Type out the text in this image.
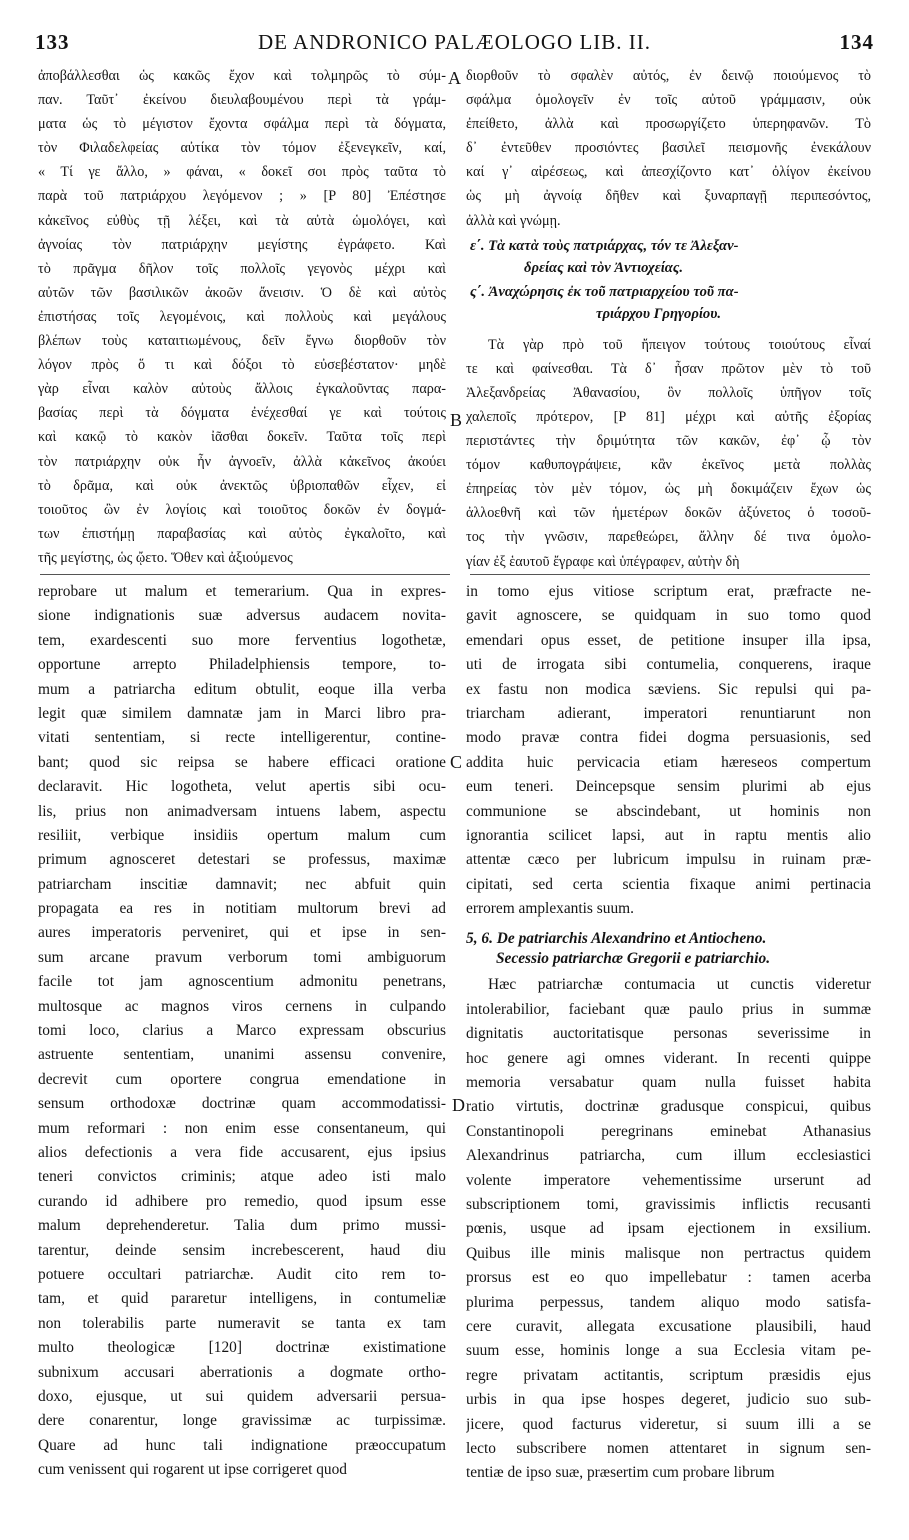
133	DE ANDRONICO PALÆOLOGO LIB. II.	134
ἀποβάλλεσθαι ὡς κακῶς ἔχον καὶ τολμηρῶς τὸ σύμ-
παν. Ταῦτ᾽ ἐκείνου διευλαβουμένου περὶ τὰ γράμ-
ματα ὡς τὸ μέγιστον ἔχοντα σφάλμα περὶ τὰ δόγματα,
τὸν Φιλαδελφείας αὐτίκα τὸν τόμον ἐξενεγκεῖν, καί,
« Τί γε ἄλλο, » φάναι, « δοκεῖ σοι πρὸς ταῦτα τὸ
παρὰ τοῦ πατριάρχου λεγόμενον ; » [P 80] Ἐπέστησε
κἀκεῖνος εὐθὺς τῇ λέξει, καὶ τὰ αὐτὰ ὡμολόγει, καὶ
ἀγνοίας τὸν πατριάρχην μεγίστης ἐγράφετο. Καὶ
τὸ πρᾶγμα δῆλον τοῖς πολλοῖς γεγονὸς μέχρι καὶ
αὐτῶν τῶν βασιλικῶν ἀκοῶν ἄνεισιν. Ὁ δὲ καὶ αὐτὸς
ἐπιστήσας τοῖς λεγομένοις, καὶ πολλοὺς καὶ μεγάλους
βλέπων τοὺς καταιτιωμένους, δεῖν ἔγνω διορθοῦν τὸν
λόγον πρὸς ὅ τι καὶ δόξοι τὸ εὐσεβέστατον· μηδὲ
γὰρ εἶναι καλὸν αὐτοὺς ἄλλοις ἐγκαλοῦντας παρα-
βασίας περὶ τὰ δόγματα ἐνέχεσθαί γε καὶ τούτοις
καὶ κακῷ τὸ κακὸν ἰᾶσθαι δοκεῖν. Ταῦτα τοῖς περὶ
τὸν πατριάρχην οὐκ ἦν ἀγνοεῖν, ἀλλὰ κἀκεῖνος ἀκούει
τὸ δρᾶμα, καὶ οὐκ ἀνεκτῶς ὑβριοπαθῶν εἶχεν, εἰ
τοιοῦτος ὢν ἐν λογίοις καὶ τοιοῦτος δοκῶν ἐν δογμά-
των ἐπιστήμῃ παραβασίας καὶ αὐτὸς ἐγκαλοῖτο, καὶ
τῆς μεγίστης, ὡς ᾤετο. Ὅθεν καὶ ἀξιούμενος
διορθοῦν τὸ σφαλὲν αὐτός, ἐν δεινῷ ποιούμενος τὸ
σφάλμα ὁμολογεῖν ἐν τοῖς αὐτοῦ γράμμασιν, οὐκ
ἐπείθετο, ἀλλὰ καὶ προσωργίζετο ὑπερηφανῶν. Τὸ
δ᾽ ἐντεῦθεν προσιόντες βασιλεῖ πεισμονῆς ἐνεκάλουν
καί γ᾽ αἱρέσεως, καὶ ἀπεσχίζοντο κατ᾽ ὀλίγον ἐκείνου
ὡς μὴ ἀγνοίᾳ δῆθεν καὶ ξυναρπαγῇ περιπεσόντος,
ἀλλὰ καὶ γνώμῃ.
ε΄. Τὰ κατὰ τοὺς πατριάρχας, τόν τε Ἀλεξαν-
δρείας καὶ τὸν Ἀντιοχείας.
ς΄. Ἀναχώρησις ἐκ τοῦ πατριαρχείου τοῦ πα-
τριάρχου Γρηγορίου.
Τὰ γὰρ πρὸ τοῦ ἤπειγον τούτους τοιούτους εἶναί
τε καὶ φαίνεσθαι. Τὰ δ᾽ ἦσαν πρῶτον μὲν τὸ τοῦ
Ἀλεξανδρείας Ἀθανασίου, ὃν πολλοῖς ὑπῆγον τοῖς
χαλεποῖς πρότερον, [P 81] μέχρι καὶ αὐτῆς ἐξορίας
περιστάντες τὴν δριμύτητα τῶν κακῶν, ἐφ᾽ ᾧ τὸν
τόμον καθυπογράψειε, κἂν ἐκεῖνος μετὰ πολλὰς
ἐπηρείας τὸν μὲν τόμον, ὡς μὴ δοκιμάζειν ἔχων ὡς
ἀλλοεθνῆ καὶ τῶν ἡμετέρων δοκῶν ἀξύνετος ὁ τοσοῦ-
τος τὴν γνῶσιν, παρεθεώρει, ἄλλην δέ τινα ὁμολο-
γίαν ἐξ ἑαυτοῦ ἔγραφε καὶ ὑπέγραφεν, αὐτὴν δὴ
reprobare ut malum et temerarium. Qua in expres-
sione indignationis suæ adversus audacem novita-
tem, exardescenti suo more ferventius logothetæ,
opportune arrepto Philadelphiensis tempore, to-
mum a patriarcha editum obtulit, eoque illa verba
legit quæ similem damnatæ jam in Marci libro pra-
vitati sententiam, si recte intelligerentur, contine-
bant; quod sic reipsa se habere efficaci oratione
declaravit. Hic logotheta, velut apertis sibi ocu-
lis, prius non animadversam intuens labem, aspectu
resiliit, verbique insidiis opertum malum cum
primum agnosceret detestari se professus, maximæ
patriarcham inscitiæ damnavit; nec abfuit quin
propagata ea res in notitiam multorum brevi ad
aures imperatoris perveniret, qui et ipse in sen-
sum arcane pravum verborum tomi ambiguorum
facile tot jam agnoscentium admonitu penetrans,
multosque ac magnos viros cernens in culpando
tomi loco, clarius a Marco expressam obscurius
astruente sententiam, unanimi assensu convenire,
decrevit cum oportere congrua emendatione in
sensum orthodoxæ doctrinæ quam accommodatissi-
mum reformari : non enim esse consentaneum, qui
alios defectionis a vera fide accusarent, ejus ipsius
teneri convictos criminis; atque adeo isti malo
curando id adhibere pro remedio, quod ipsum esse
malum deprehenderetur. Talia dum primo mussi-
tarentur, deinde sensim increbescerent, haud diu
potuere occultari patriarchæ. Audit cito rem to-
tam, et quid pararetur intelligens, in contumeliæ
non tolerabilis parte numeravit se tanta ex tam
multo theologicæ [120] doctrinæ existimatione
subnixum accusari aberrationis a dogmate ortho-
doxo, ejusque, ut sui quidem adversarii persua-
dere conarentur, longe gravissimæ ac turpissimæ.
Quare ad hunc tali indignatione præoccupatum
cum venissent qui rogarent ut ipse corrigeret quod
in tomo ejus vitiose scriptum erat, præfracte ne-
gavit agnoscere, se quidquam in suo tomo quod
emendari opus esset, de petitione insuper illa ipsa,
uti de irrogata sibi contumelia, conquerens, iraque
ex fastu non modica sæviens. Sic repulsi qui pa-
triarcham adierant, imperatori renuntiarunt non
modo pravæ contra fidei dogma persuasionis, sed
addita huic pervicacia etiam hæreseos compertum
eum teneri. Deincepsque sensim plurimi ab ejus
communione se abscindebant, ut hominis non
ignorantia scilicet lapsi, aut in raptu mentis alio
attentæ cæco per lubricum impulsu in ruinam præ-
cipitati, sed certa scientia fixaque animi pertinacia
errorem amplexantis suum.
5, 6. De patriarchis Alexandrino et Antiocheno.
Secessio patriarchæ Gregorii e patriarchio.
Hæc patriarchæ contumacia ut cunctis videretur
intolerabilior, faciebant quæ paulo prius in summæ
dignitatis auctoritatisque personas severissime in
hoc genere agi omnes viderant. In recenti quippe
memoria versabatur quam nulla fuisset habita
ratio virtutis, doctrinæ gradusque conspicui, quibus
Constantinopoli peregrinans eminebat Athanasius
Alexandrinus patriarcha, cum illum ecclesiastici
volente imperatore vehementissime urserunt ad
subscriptionem tomi, gravissimis inflictis recusanti
pœnis, usque ad ipsam ejectionem in exsilium.
Quibus ille minis malisque non pertractus quidem
prorsus est eo quo impellebatur : tamen acerba
plurima perpessus, tandem aliquo modo satisfa-
cere curavit, allegata excusatione plausibili, haud
suum esse, hominis longe a sua Ecclesia vitam pe-
regre privatam actitantis, scriptum præsidis ejus
urbis in qua ipse hospes degeret, judicio suo sub-
jicere, quod facturus videretur, si suum illi a se
lecto subscribere nomen attentaret in signum sen-
tentiæ de ipso suæ, præsertim cum probare librum
A
B
C
D
